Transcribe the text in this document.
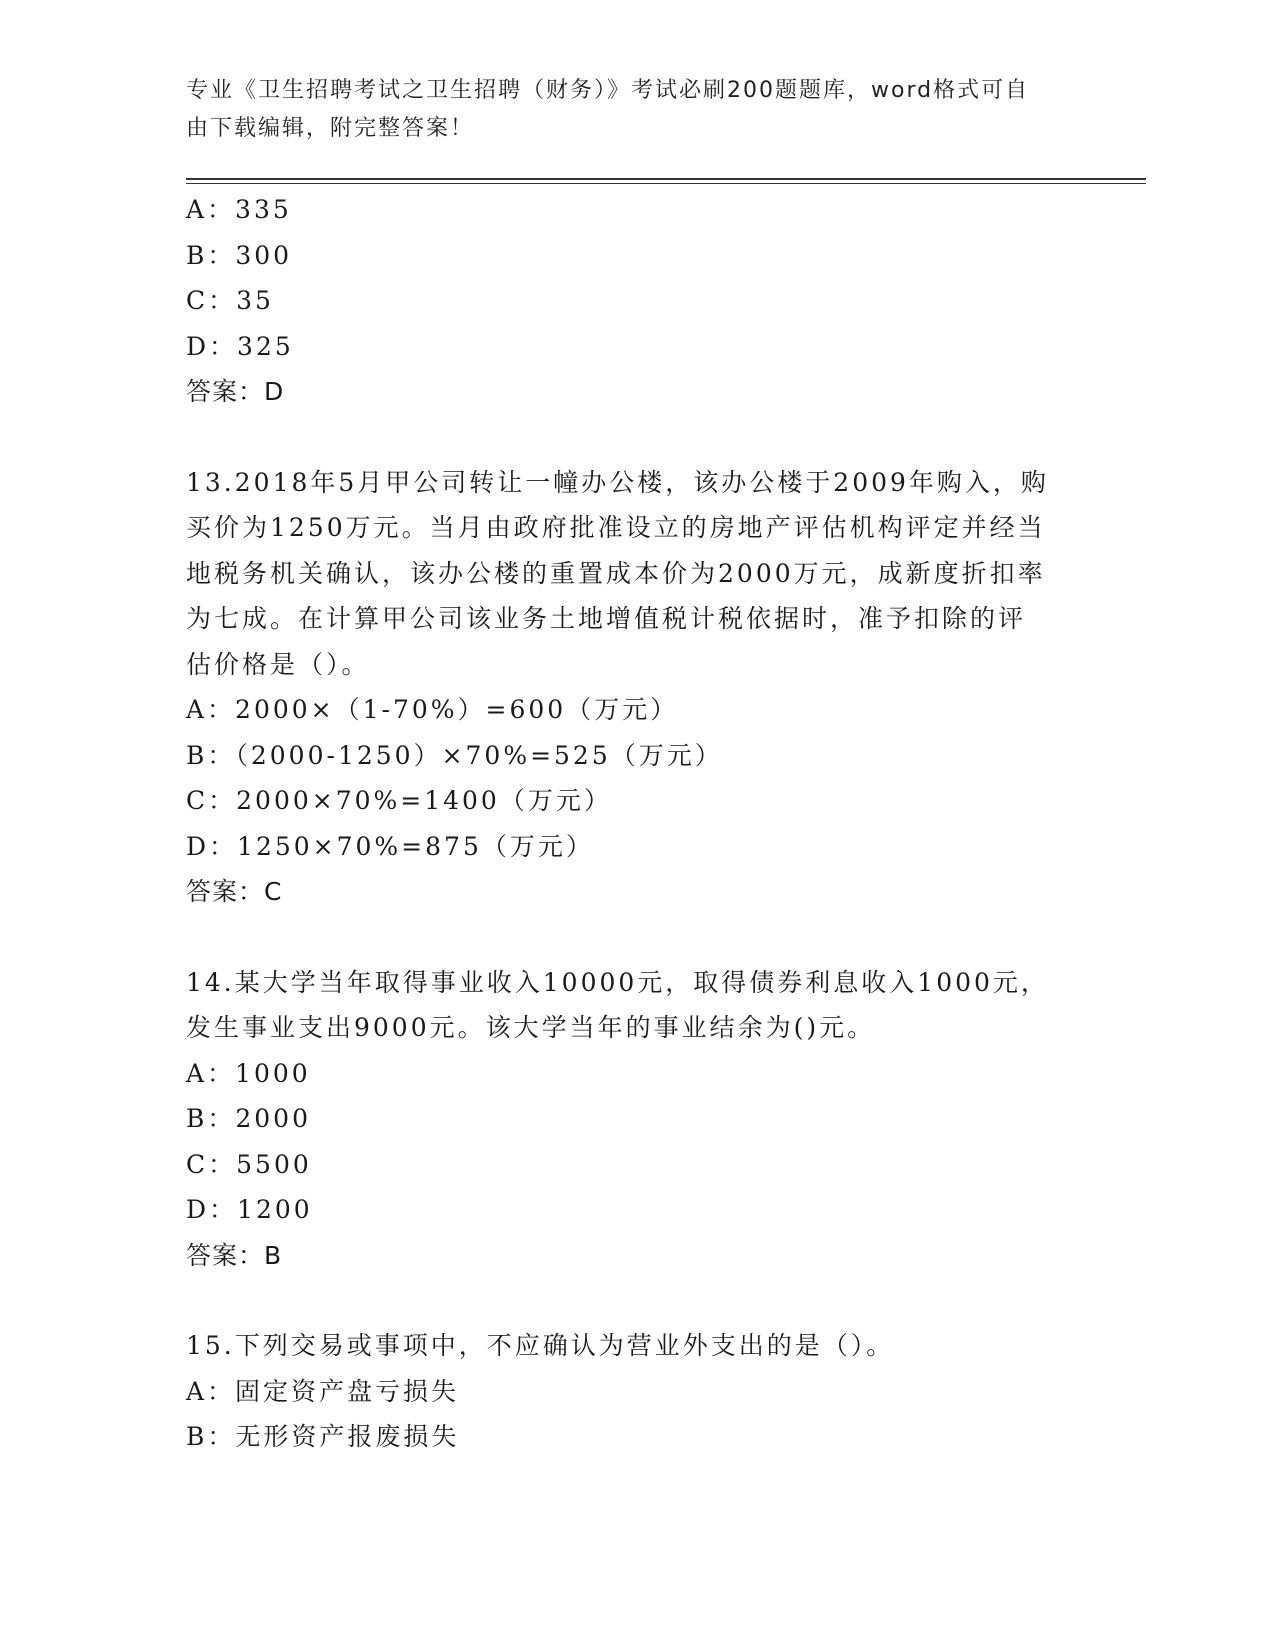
专业《卫生招聘考试之卫生招聘（财务）》考试必刷200题题库，word格式可自
由下载编辑，附完整答案！
A：335
B：300
C：35
D：325
答案：D
13.2018年5月甲公司转让一幢办公楼，该办公楼于2009年购入，购
买价为1250万元。当月由政府批准设立的房地产评估机构评定并经当
地税务机关确认，该办公楼的重置成本价为2000万元，成新度折扣率
为七成。在计算甲公司该业务土地增值税计税依据时，准予扣除的评
估价格是（）。
A：2000×（1-70%）=600（万元）
B：（2000-1250）×70%=525（万元）
C：2000×70%=1400（万元）
D：1250×70%=875（万元）
答案：C
14.某大学当年取得事业收入10000元，取得债券利息收入1000元，
发生事业支出9000元。该大学当年的事业结余为()元。
A：1000
B：2000
C：5500
D：1200
答案：B
15.下列交易或事项中，不应确认为营业外支出的是（）。
A：固定资产盘亏损失
B：无形资产报废损失
